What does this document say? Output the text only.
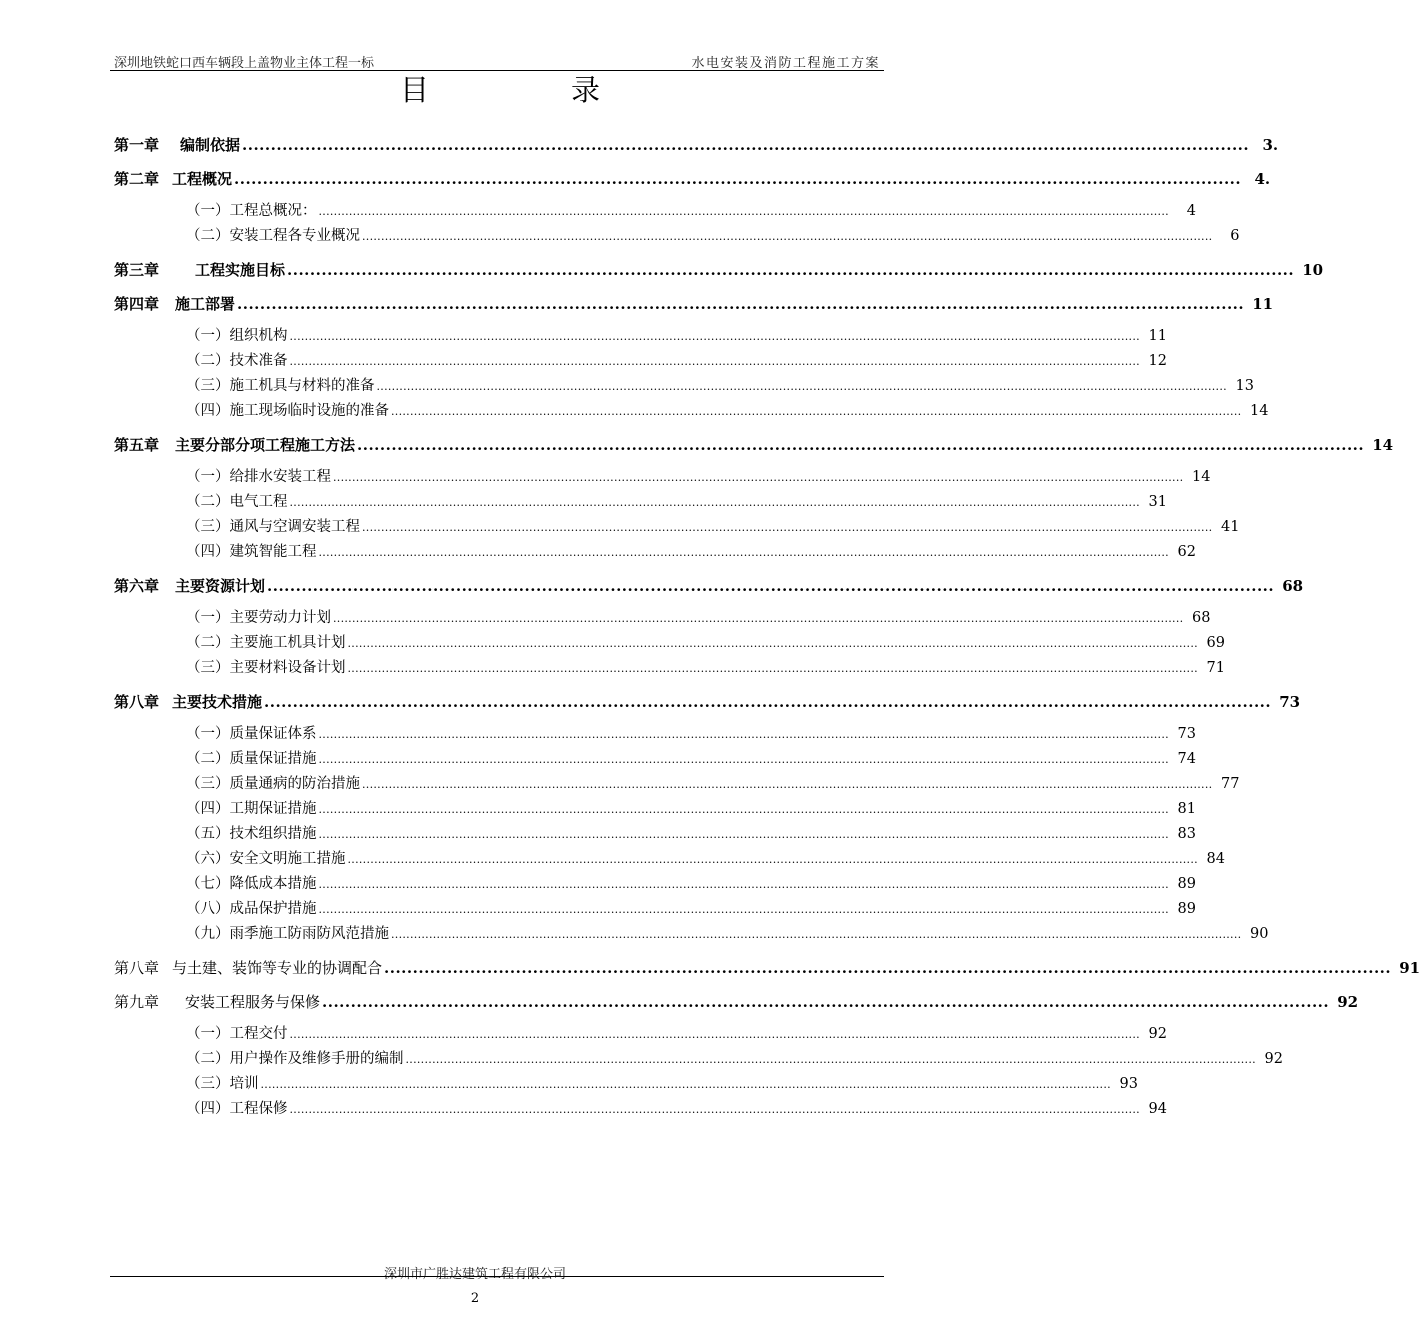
深圳地铁蛇口西车辆段上盖物业主体工程一标	水电安装及消防工程施工方案
目	录
第一章 编制依据 ................................................................................................................................................................................ 3.
第二章 工程概况 ................................................................................................................................................................................ 4.
（一）工程总概况： ................................................................................................................................................................................................................................	4
（二）安装工程各专业概况 ................................................................................................................................................................................................................................	6
第三章 工程实施目标 ................................................................................................................................................................................ 10
第四章 施工部署 ................................................................................................................................................................................ 11
（一）组织机构 ................................................................................................................................................................................................................................ 11
（二）技术准备 ................................................................................................................................................................................................................................ 12
（三）施工机具与材料的准备 ................................................................................................................................................................................................................................ 13
（四）施工现场临时设施的准备 ................................................................................................................................................................................................................................ 14
第五章 主要分部分项工程施工方法 ................................................................................................................................................................................ 14
（一）给排水安装工程 ................................................................................................................................................................................................................................ 14
（二）电气工程 ................................................................................................................................................................................................................................ 31
（三）通风与空调安装工程 ................................................................................................................................................................................................................................ 41
（四）建筑智能工程 ................................................................................................................................................................................................................................ 62
第六章 主要资源计划 ................................................................................................................................................................................ 68
（一）主要劳动力计划 ................................................................................................................................................................................................................................ 68
（二）主要施工机具计划 ................................................................................................................................................................................................................................ 69
（三）主要材料设备计划 ................................................................................................................................................................................................................................ 71
第八章 主要技术措施 ................................................................................................................................................................................ 73
（一）质量保证体系 ................................................................................................................................................................................................................................ 73
（二）质量保证措施 ................................................................................................................................................................................................................................ 74
（三）质量通病的防治措施 ................................................................................................................................................................................................................................ 77
（四）工期保证措施 ................................................................................................................................................................................................................................ 81
（五）技术组织措施 ................................................................................................................................................................................................................................ 83
（六）安全文明施工措施 ................................................................................................................................................................................................................................ 84
（七）降低成本措施 ................................................................................................................................................................................................................................ 89
（八）成品保护措施 ................................................................................................................................................................................................................................ 89
（九）雨季施工防雨防风范措施 ................................................................................................................................................................................................................................ 90
第八章 与土建、装饰等专业的协调配合 ................................................................................................................................................................................ 91
第九章 安装工程服务与保修 ................................................................................................................................................................................ 92
（一）工程交付 ................................................................................................................................................................................................................................ 92
（二）用户操作及维修手册的编制 ................................................................................................................................................................................................................................ 92
（三）培训 ................................................................................................................................................................................................................................ 93
（四）工程保修 ................................................................................................................................................................................................................................ 94
深圳市广胜达建筑工程有限公司
2
